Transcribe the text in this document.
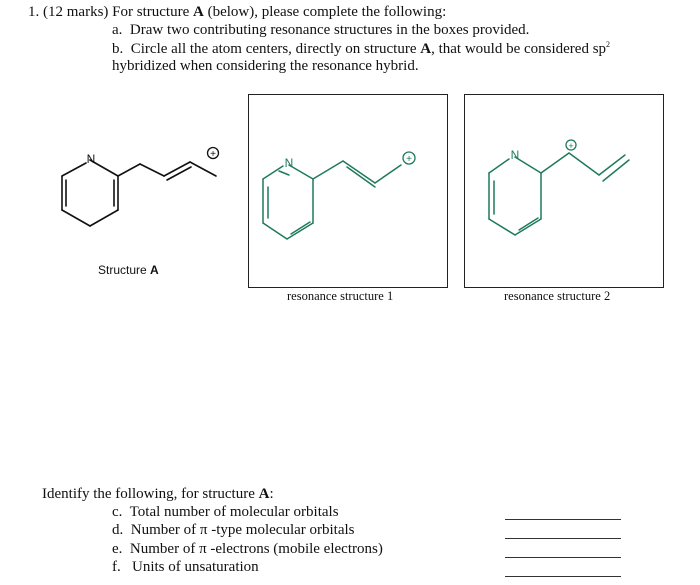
1. (12 marks) For structure A (below), please complete the following:
a. Draw two contributing resonance structures in the boxes provided.
b. Circle all the atom centers, directly on structure A, that would be considered $sp^2$
hybridized when considering the resonance hybrid.
N	+
Structure A
N	+
resonance structure 1
N
+
resonance structure 2
Identify the following, for structure A:
c. Total number of molecular orbitals
d. Number of π -type molecular orbitals
e. Number of π -electrons (mobile electrons)
f. Units of unsaturation
